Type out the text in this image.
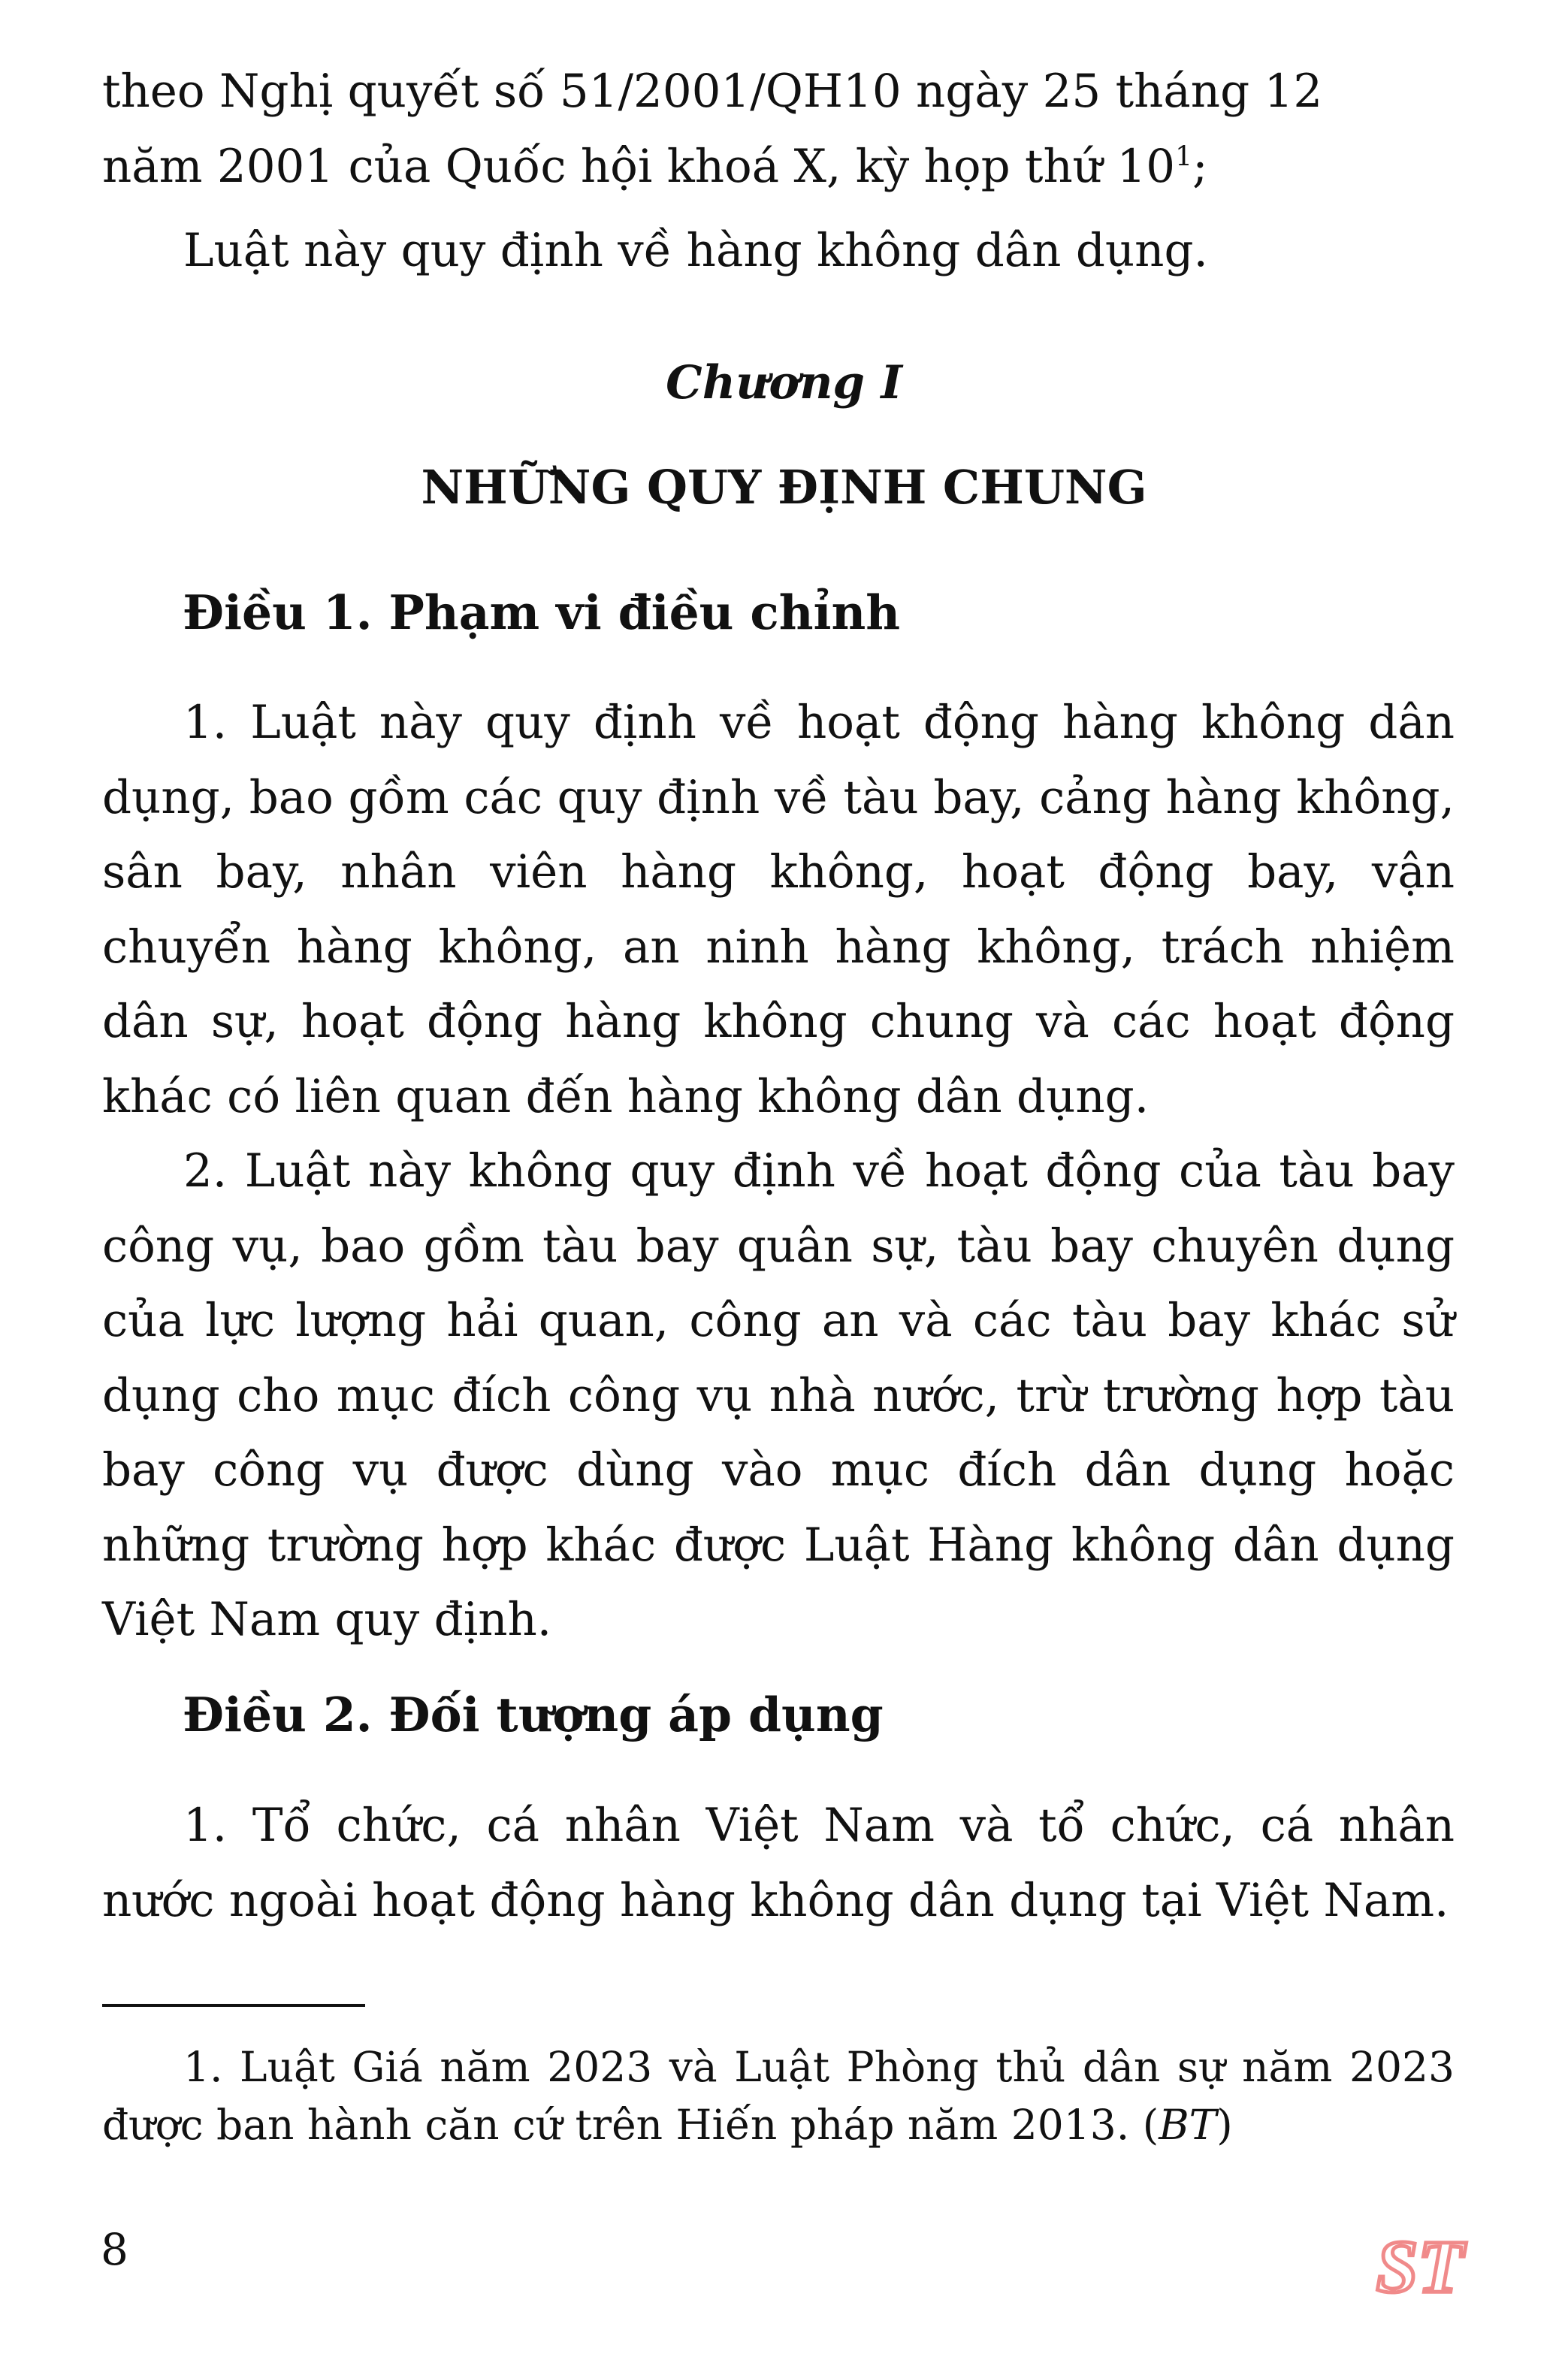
theo Nghị quyết số 51/2001/QH10 ngày 25 tháng 12
năm 2001 của Quốc hội khoá X, kỳ họp thứ $10^1$;

Luật này quy định về hàng không dân dụng.

Chương I

NHỮNG QUY ĐỊNH CHUNG

Điều 1. Phạm vi điều chỉnh

1. Luật này quy định về hoạt động hàng không dân dụng, bao gồm các quy định về tàu bay, cảng hàng không, sân bay, nhân viên hàng không, hoạt động bay, vận chuyển hàng không, an ninh hàng không, trách nhiệm dân sự, hoạt động hàng không chung và các hoạt động khác có liên quan đến hàng không dân dụng.

2. Luật này không quy định về hoạt động của tàu bay công vụ, bao gồm tàu bay quân sự, tàu bay chuyên dụng của lực lượng hải quan, công an và các tàu bay khác sử dụng cho mục đích công vụ nhà nước, trừ trường hợp tàu bay công vụ được dùng vào mục đích dân dụng hoặc những trường hợp khác được Luật Hàng không dân dụng Việt Nam quy định.

Điều 2. Đối tượng áp dụng

1. Tổ chức, cá nhân Việt Nam và tổ chức, cá nhân nước ngoài hoạt động hàng không dân dụng tại Việt Nam.

1. Luật Giá năm 2023 và Luật Phòng thủ dân sự năm 2023 được ban hành căn cứ trên Hiến pháp năm 2013. (BT)

8	ST
